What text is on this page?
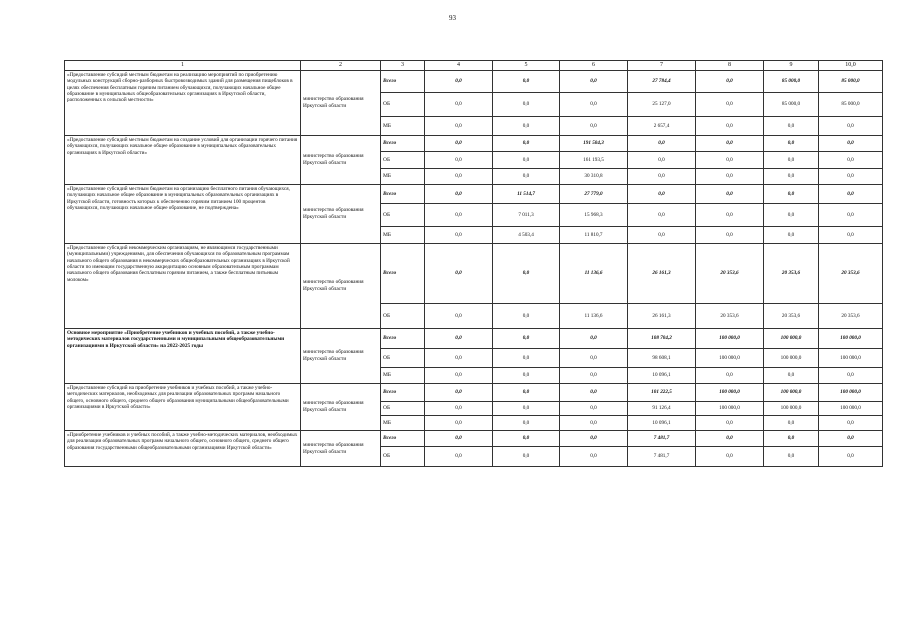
93
1	2	3	4	5	6	7	8	9	10,0
«Предоставление субсидий местным бюджетам на реализацию мероприятий по приобретению модульных конструкций сборно-разборных быстровозводимых зданий для размещения пищеблоков в целях обеспечения бесплатным горячим питанием обучающихся, получающих начальное общее образование в муниципальных общеобразовательных организациях в Иркутской области, расположенных в сельской местности»	министерство образования Иркутской области	Всего	0,0	0,0	0,0	27 784,4	0,0	85 000,0	85 000,0
		ОБ	0,0	0,0	0,0	25 127,0	0,0	85 000,0	85 000,0
		МБ	0,0	0,0	0,0	2 657,4	0,0	0,0	0,0
«Предоставление субсидий местным бюджетам на создание условий для организации горячего питания обучающихся, получающих начальное общее образование в муниципальных образовательных организациях в Иркутской области»	министерство образования Иркутской области	Всего	0,0	0,0	191 504,3	0,0	0,0	0,0	0,0
		ОБ	0,0	0,0	161 193,5	0,0	0,0	0,0	0,0
		МБ	0,0	0,0	30 310,8	0,0	0,0	0,0	0,0
«Предоставление субсидий местным бюджетам на организацию бесплатного питания обучающихся, получающих начальное общее образование в муниципальных образовательных организациях в Иркутской области, готовность которых к обеспечению горячим питанием 100 процентов обучающихся, получающих начальное общее образование, не подтверждена»	министерство образования Иркутской области	Всего	0,0	11 514,7	27 779,0	0,0	0,0	0,0	0,0
		ОБ	0,0	7 011,3	15 968,3	0,0	0,0	0,0	0,0
		МБ	0,0	4 503,4	11 810,7	0,0	0,0	0,0	0,0
«Предоставление субсидий некоммерческим организациям, не являющимся государственными (муниципальными) учреждениями, для обеспечения обучающихся по образовательным программам начального общего образования в некоммерческих общеобразовательных организациях в Иркутской области по имеющим государственную аккредитацию основным образовательным программам начального общего образования бесплатным горячим питанием, а также бесплатным питьевым молоком»	министерство образования Иркутской области	Всего	0,0	0,0	11 136,6	26 161,3	20 353,6	20 353,6	20 353,6
		ОБ	0,0	0,0	11 136,6	26 161,3	20 353,6	20 353,6	20 353,6
Основное мероприятие «Приобретение учебников и учебных пособий, а также учебно-методических материалов государственными и муниципальными общеобразовательными организациями в Иркутской области» на 2022-2025 годы	министерство образования Иркутской области	Всего	0,0	0,0	0,0	108 704,2	100 000,0	100 000,0	100 000,0
		ОБ	0,0	0,0	0,0	98 608,1	100 000,0	100 000,0	100 000,0
		МБ	0,0	0,0	0,0	10 096,1	0,0	0,0	0,0
«Предоставление субсидий на приобретение учебников и учебных пособий, а также учебно-методических материалов, необходимых для реализации образовательных программ начального общего, основного общего, среднего общего образования муниципальными общеобразовательными организациями в Иркутской области»	министерство образования Иркутской области	Всего	0,0	0,0	0,0	101 222,5	100 000,0	100 000,0	100 000,0
		ОБ	0,0	0,0	0,0	91 126,4	100 000,0	100 000,0	100 000,0
		МБ	0,0	0,0	0,0	10 096,1	0,0	0,0	0,0
«Приобретение учебников и учебных пособий, а также учебно-методических материалов, необходимых для реализации образовательных программ начального общего, основного общего, среднего общего образования государственными общеобразовательными организациями Иркутской области»	министерство образования Иркутской области	Всего	0,0	0,0	0,0	7 481,7	0,0	0,0	0,0
		ОБ	0,0	0,0	0,0	7 481,7	0,0	0,0	0,0
